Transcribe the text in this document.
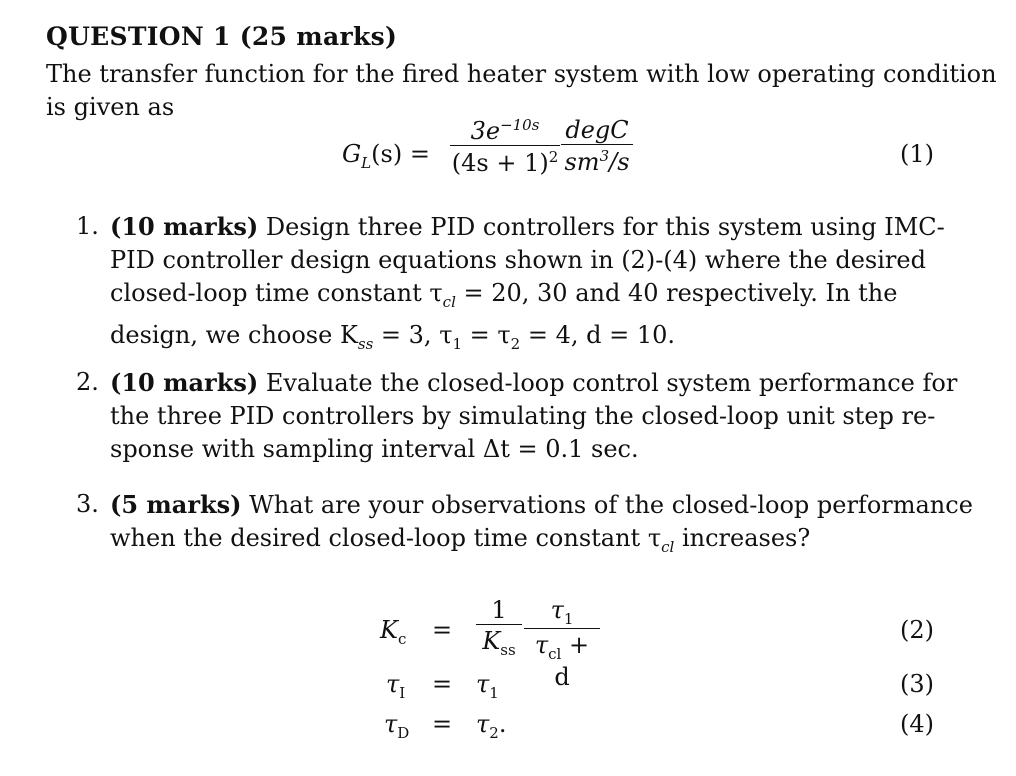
QUESTION 1 (25 marks)
The transfer function for the fired heater system with low operating condition
is given as
$G_L(s) = \frac{3e^{-10s}}{(4s + 1)^2}$ degC
$sm^3/s$	(1)
1. (10 marks) Design three PID controllers for this system using IMC-
PID controller design equations shown in (2)-(4) where the desired
closed-loop time constant $\tau_{cl} = 20$, 30 and 40 respectively. In the
design, we choose $K_{ss} = 3$, $\tau_1 = \tau_2 = 4$, d = 10.
2. (10 marks) Evaluate the closed-loop control system performance for
the three PID controllers by simulating the closed-loop unit step re-
sponse with sampling interval Δt = 0.1 sec.
3. (5 marks) What are your observations of the closed-loop performance
when the desired closed-loop time constant $\tau_{cl}$ increases?
$K_c$ =
1
$K_{ss}$
$\tau_1$
$\tau_{cl} + d$
(2)
$\tau_I = \tau_1$	(3)
$\tau_D = \tau_2$.	(4)
